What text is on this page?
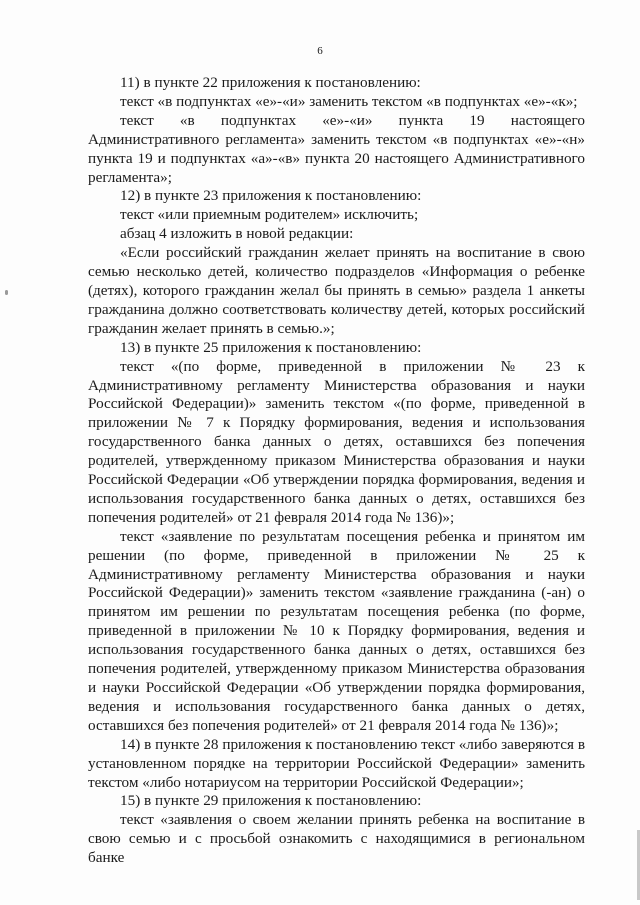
6

11) в пункте 22 приложения к постановлению:

текст «в подпунктах «е»-«и» заменить текстом «в подпунктах «е»-«к»;

текст «в подпунктах «е»-«и» пункта 19 настоящего Административного регламента» заменить текстом «в подпунктах «е»-«н» пункта 19 и подпунктах «а»-«в» пункта 20 настоящего Административного регламента»;

12) в пункте 23 приложения к постановлению:

текст «или приемным родителем» исключить;

абзац 4 изложить в новой редакции:

«Если российский гражданин желает принять на воспитание в свою семью несколько детей, количество подразделов «Информация о ребенке (детях), которого гражданин желал бы принять в семью» раздела 1 анкеты гражданина должно соответствовать количеству детей, которых российский гражданин желает принять в семью.»;

13) в пункте 25 приложения к постановлению:

текст «(по форме, приведенной в приложении № 23 к Административному регламенту Министерства образования и науки Российской Федерации)» заменить текстом «(по форме, приведенной в приложении № 7 к Порядку формирования, ведения и использования государственного банка данных о детях, оставшихся без попечения родителей, утвержденному приказом Министерства образования и науки Российской Федерации «Об утверждении порядка формирования, ведения и использования государственного банка данных о детях, оставшихся без попечения родителей» от 21 февраля 2014 года № 136)»;

текст «заявление по результатам посещения ребенка и принятом им решении (по форме, приведенной в приложении № 25 к Административному регламенту Министерства образования и науки Российской Федерации)» заменить текстом «заявление гражданина (-ан) о принятом им решении по результатам посещения ребенка (по форме, приведенной в приложении № 10 к Порядку формирования, ведения и использования государственного банка данных о детях, оставшихся без попечения родителей, утвержденному приказом Министерства образования и науки Российской Федерации «Об утверждении порядка формирования, ведения и использования государственного банка данных о детях, оставшихся без попечения родителей» от 21 февраля 2014 года № 136)»;

14) в пункте 28 приложения к постановлению текст «либо заверяются в установленном порядке на территории Российской Федерации» заменить текстом «либо нотариусом на территории Российской Федерации»;

15) в пункте 29 приложения к постановлению:

текст «заявления о своем желании принять ребенка на воспитание в свою семью и с просьбой ознакомить с находящимися в региональном банке
